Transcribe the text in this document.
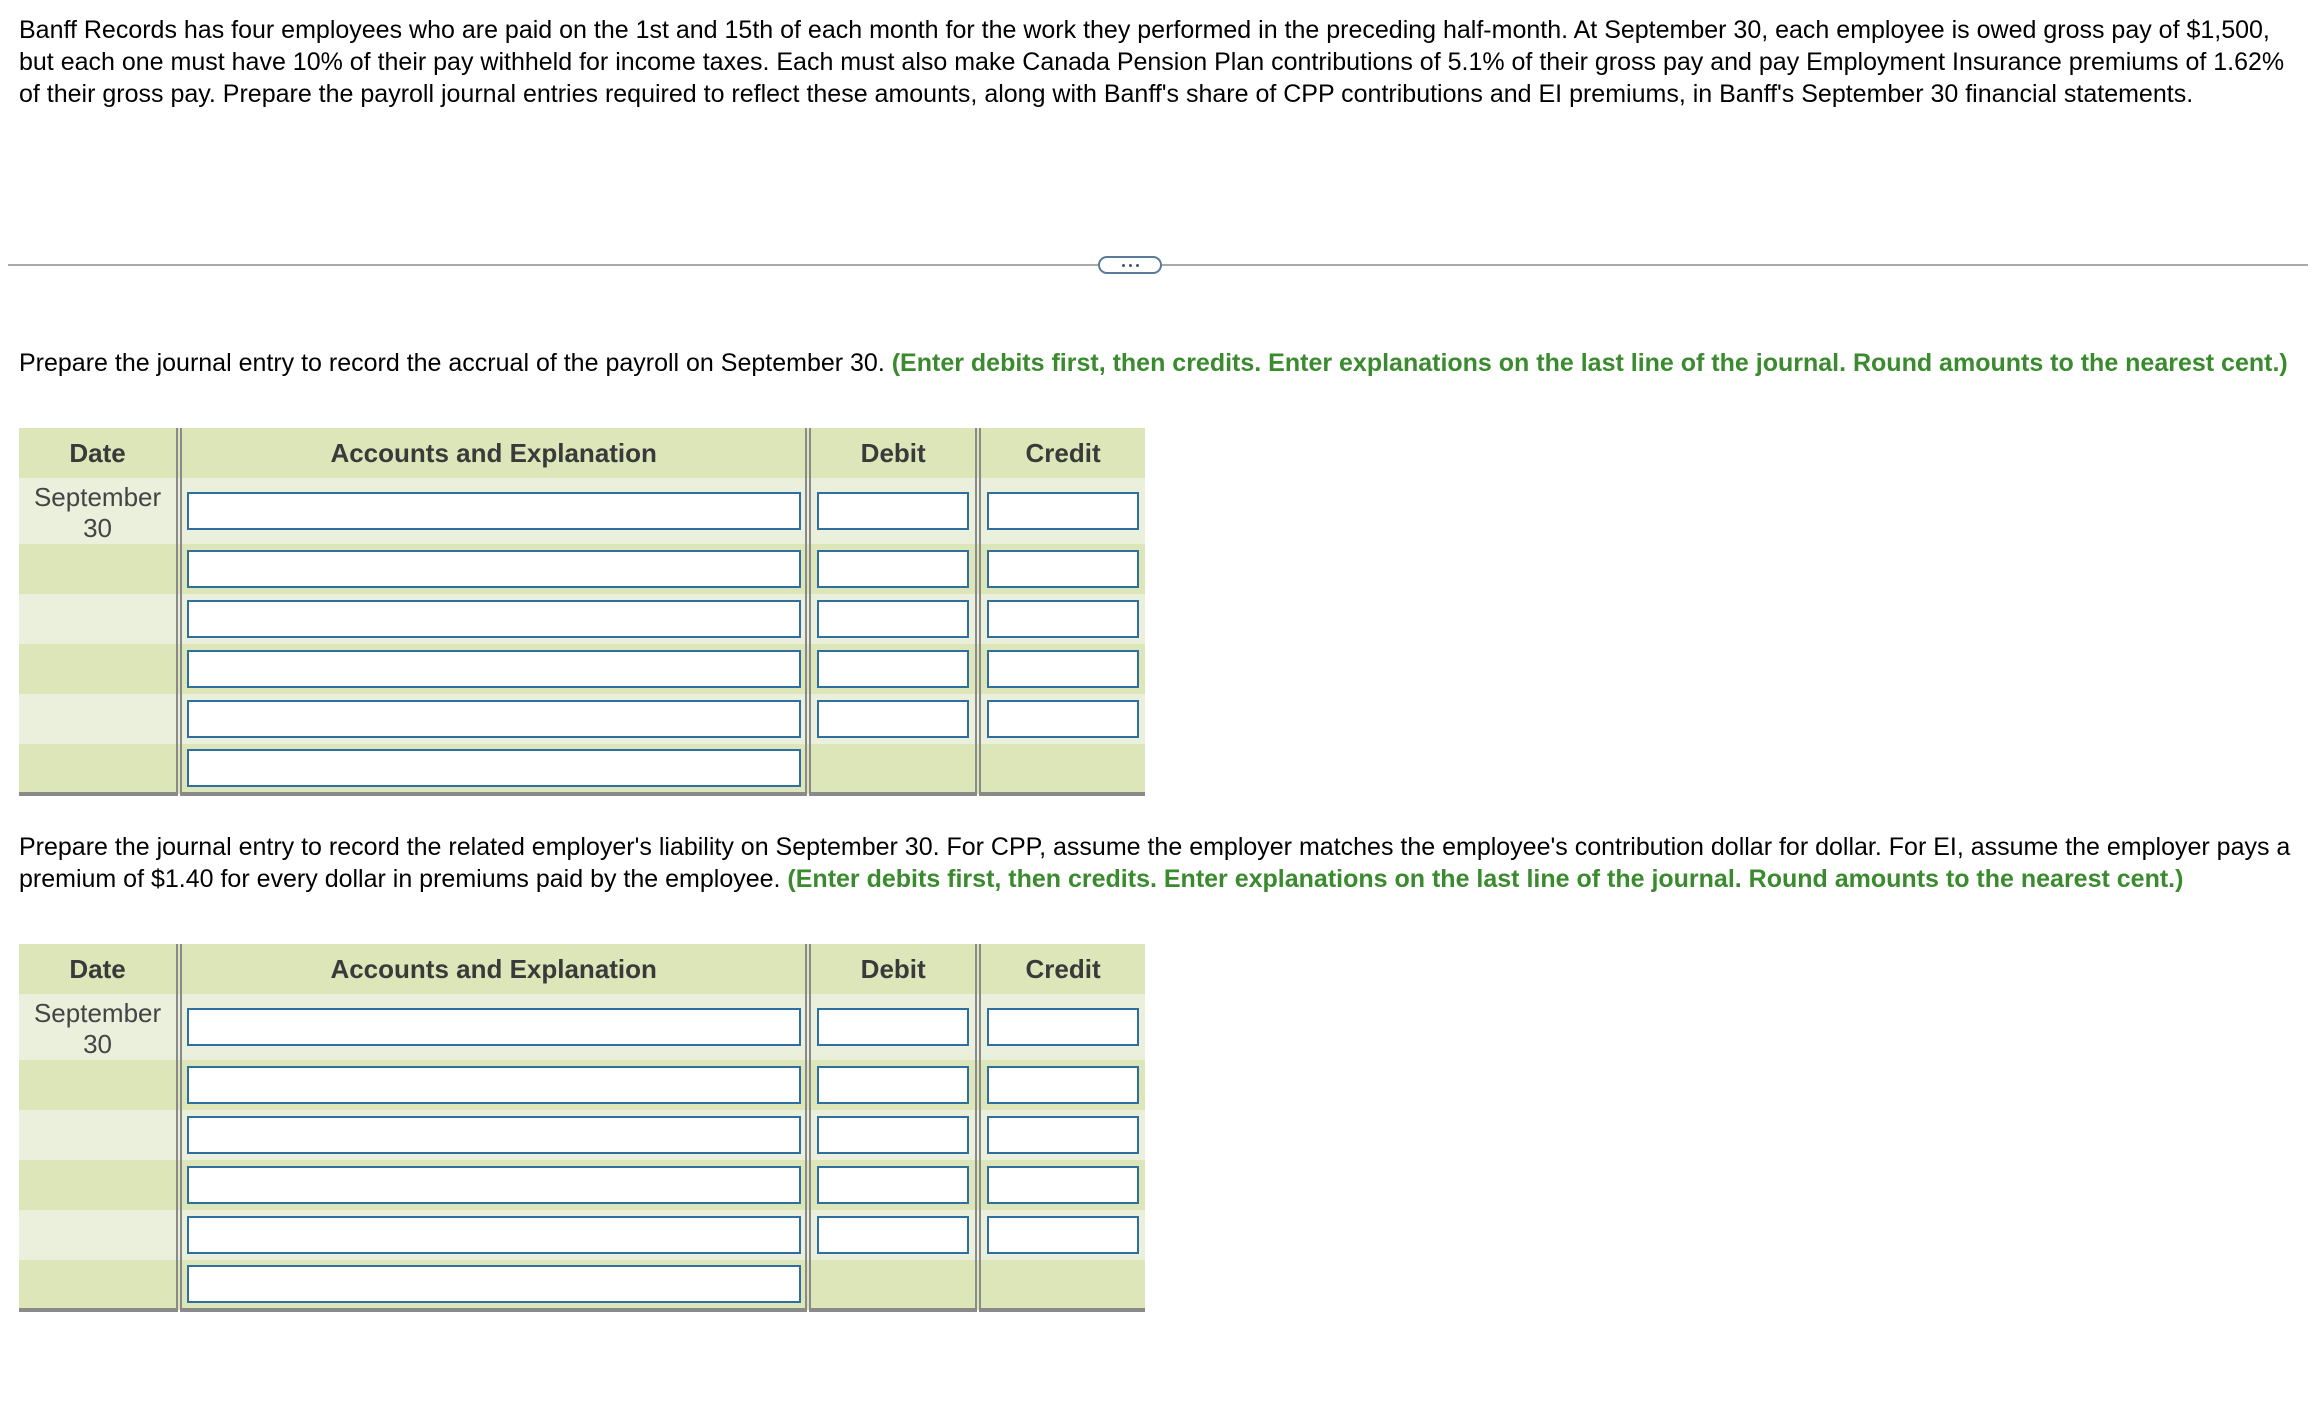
Banff Records has four employees who are paid on the 1st and 15th of each month for the work they performed in the preceding half-month. At September 30, each employee is owed gross pay of $1,500, but each one must have 10% of their pay withheld for income taxes. Each must also make Canada Pension Plan contributions of 5.1% of their gross pay and pay Employment Insurance premiums of 1.62% of their gross pay. Prepare the payroll journal entries required to reflect these amounts, along with Banff's share of CPP contributions and EI premiums, in Banff's September 30 financial statements.
Prepare the journal entry to record the accrual of the payroll on September 30. (Enter debits first, then credits. Enter explanations on the last line of the journal. Round amounts to the nearest cent.)
Date	Accounts and Explanation	Debit	Credit
September
30	

Prepare the journal entry to record the related employer's liability on September 30. For CPP, assume the employer matches the employee's contribution dollar for dollar. For EI, assume the employer pays a premium of $1.40 for every dollar in premiums paid by the employee. (Enter debits first, then credits. Enter explanations on the last line of the journal. Round amounts to the nearest cent.)
Date	Accounts and Explanation	Debit	Credit
September
30	
